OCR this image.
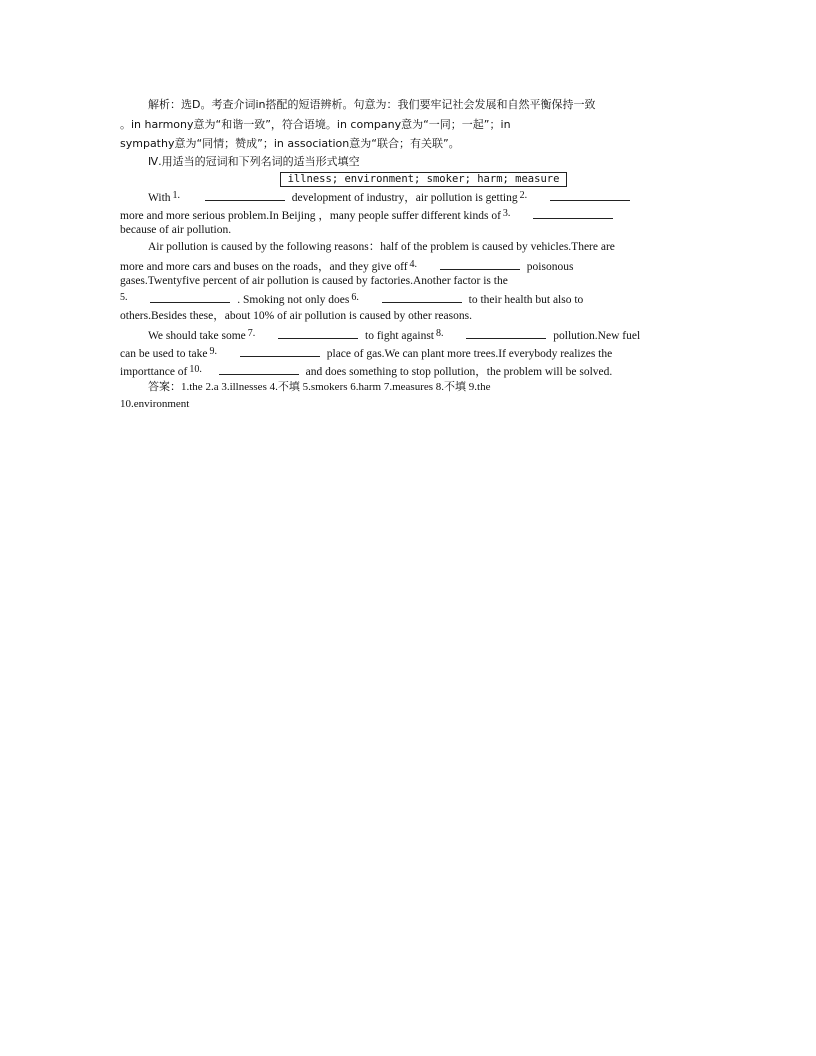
解析：选D。考查介词in搭配的短语辨析。句意为：我们要牢记社会发展和自然平衡保持一致
。in harmony意为“和谐一致”，符合语境。in company意为“一同；一起”；in
sympathy意为“同情；赞成”；in association意为“联合；有关联”。
Ⅳ.用适当的冠词和下列名词的适当形式填空
illness; environment; smoker; harm; measure
With 1.	development of industry，air pollution is getting 2.
more and more serious problem.In Beijing ，many people suffer different kinds of 3.
because of air pollution.
Air pollution is caused by the following reasons：half of the problem is caused by vehicles.There are
more and more cars and buses on the roads，and they give off 4.	poisonous
gases.Twentyfive percent of air pollution is caused by factories.Another factor is the
5.	. Smoking not only does 6.	to their health but also to
others.Besides these，about 10% of air pollution is caused by other reasons.
We should take some 7.	to fight against 8.	pollution.New fuel
can be used to take 9.	place of gas.We can plant more trees.If everybody realizes the
importtance of 10.	and does something to stop pollution，the problem will be solved.
答案：1.the 2.a 3.illnesses 4.不填 5.smokers 6.harm 7.measures 8.不填 9.the
10.environment
